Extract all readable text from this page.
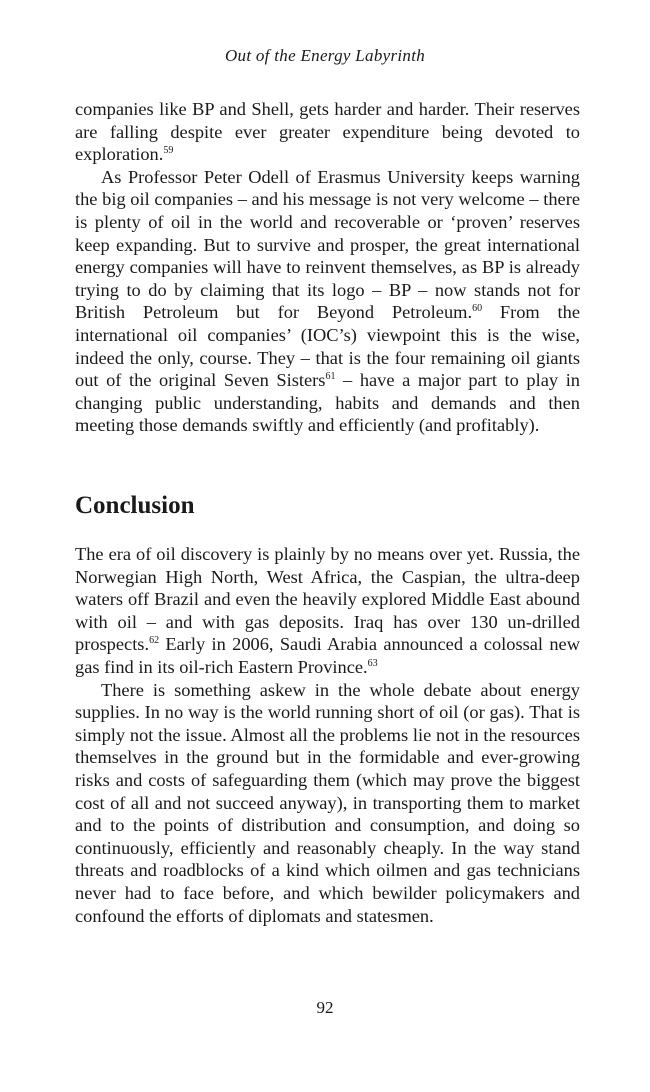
Out of the Energy Labyrinth

companies like BP and Shell, gets harder and harder. Their reserves are falling despite ever greater expenditure being devoted to exploration.$^{59}$

As Professor Peter Odell of Erasmus University keeps warning the big oil companies – and his message is not very welcome – there is plenty of oil in the world and recoverable or ‘proven’ reserves keep expanding. But to survive and prosper, the great international energy companies will have to reinvent themselves, as BP is already trying to do by claiming that its logo – BP – now stands not for British Petroleum but for Beyond Petroleum.$^{60}$ From the international oil companies’ (IOC’s) viewpoint this is the wise, indeed the only, course. They – that is the four remaining oil giants out of the original Seven Sisters$^{61}$ – have a major part to play in changing public understanding, habits and demands and then meeting those demands swiftly and efficiently (and profitably).

Conclusion

The era of oil discovery is plainly by no means over yet. Russia, the Norwegian High North, West Africa, the Caspian, the ultra-deep waters off Brazil and even the heavily explored Middle East abound with oil – and with gas deposits. Iraq has over 130 un-drilled prospects.$^{62}$ Early in 2006, Saudi Arabia announced a colossal new gas find in its oil-rich Eastern Province.$^{63}$

There is something askew in the whole debate about energy supplies. In no way is the world running short of oil (or gas). That is simply not the issue. Almost all the problems lie not in the resources themselves in the ground but in the formidable and ever-growing risks and costs of safeguarding them (which may prove the biggest cost of all and not succeed anyway), in transporting them to market and to the points of distribution and consumption, and doing so continuously, efficiently and reasonably cheaply. In the way stand threats and roadblocks of a kind which oilmen and gas technicians never had to face before, and which bewilder policymakers and confound the efforts of diplomats and statesmen.

92
